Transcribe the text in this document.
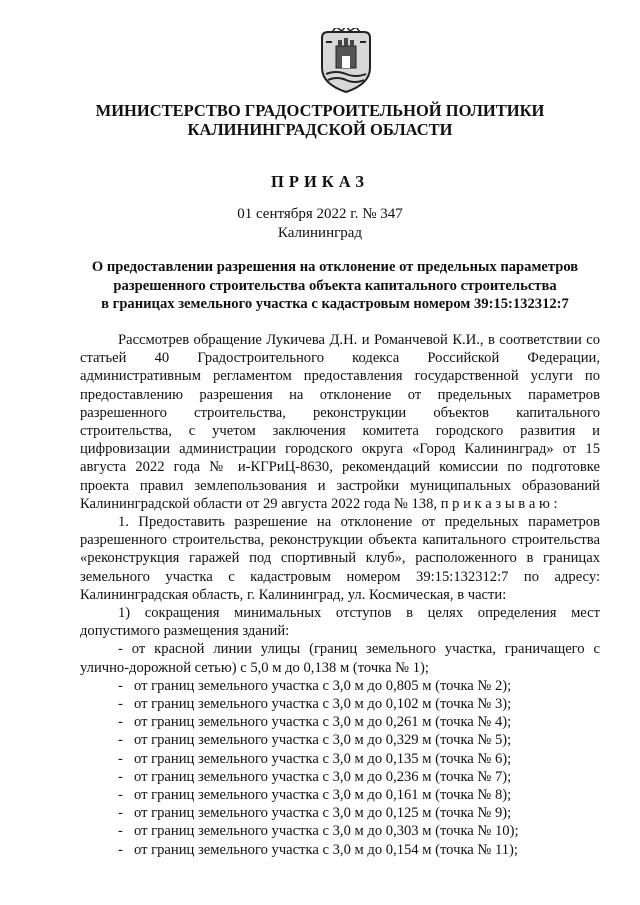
МИНИСТЕРСТВО ГРАДОСТРОИТЕЛЬНОЙ ПОЛИТИКИ
КАЛИНИНГРАДСКОЙ ОБЛАСТИ
ПРИКАЗ
01 сентября 2022 г. № 347
Калининград
О предоставлении разрешения на отклонение от предельных параметров
разрешенного строительства объекта капитального строительства
в границах земельного участка с кадастровым номером 39:15:132312:7

Рассмотрев обращение Лукичева Д.Н. и Романчевой К.И., в соответствии со статьей 40 Градостроительного кодекса Российской Федерации, административным регламентом предоставления государственной услуги по предоставлению разрешения на отклонение от предельных параметров разрешенного строительства, реконструкции объектов капитального строительства, с учетом заключения комитета городского развития и цифровизации администрации городского округа «Город Калининград» от 15 августа 2022 года № и-КГРиЦ-8630, рекомендаций комиссии по подготовке проекта правил землепользования и застройки муниципальных образований Калининградской области от 29 августа 2022 года № 138, п р и к а з ы в а ю :

1. Предоставить разрешение на отклонение от предельных параметров разрешенного строительства, реконструкции объекта капитального строительства «реконструкция гаражей под спортивный клуб», расположенного в границах земельного участка с кадастровым номером 39:15:132312:7 по адресу: Калининградская область, г. Калининград, ул. Космическая, в части:

1) сокращения минимальных отступов в целях определения мест допустимого размещения зданий:

- от красной линии улицы (границ земельного участка, граничащего с улично-дорожной сетью) с 5,0 м до 0,138 м (точка № 1);

- от границ земельного участка с 3,0 м до 0,805 м (точка № 2);
- от границ земельного участка с 3,0 м до 0,102 м (точка № 3);
- от границ земельного участка с 3,0 м до 0,261 м (точка № 4);
- от границ земельного участка с 3,0 м до 0,329 м (точка № 5);
- от границ земельного участка с 3,0 м до 0,135 м (точка № 6);
- от границ земельного участка с 3,0 м до 0,236 м (точка № 7);
- от границ земельного участка с 3,0 м до 0,161 м (точка № 8);
- от границ земельного участка с 3,0 м до 0,125 м (точка № 9);
- от границ земельного участка с 3,0 м до 0,303 м (точка № 10);
- от границ земельного участка с 3,0 м до 0,154 м (точка № 11);
